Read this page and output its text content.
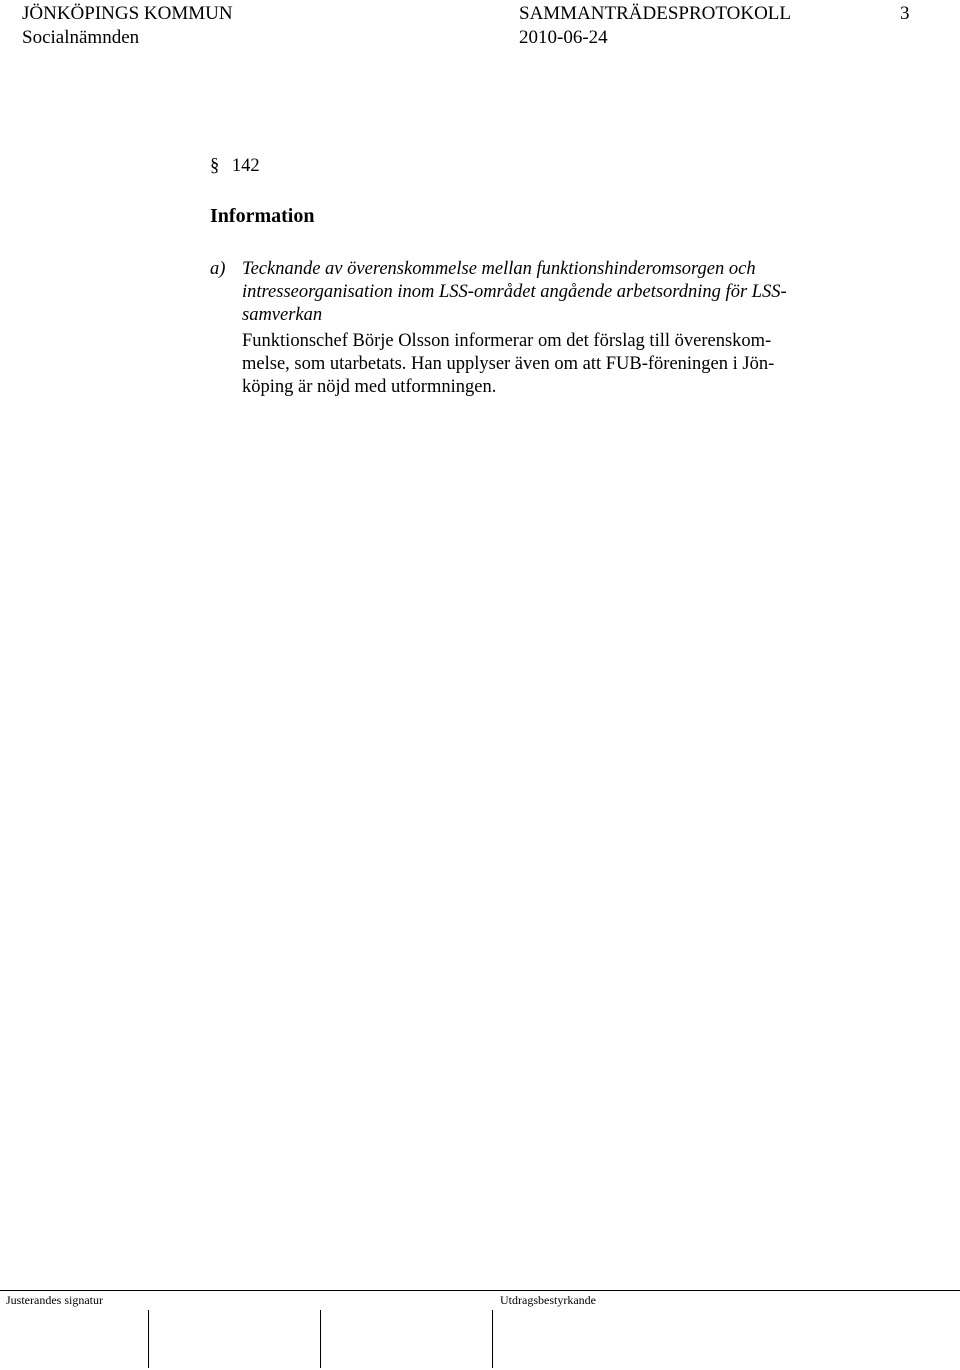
JÖNKÖPINGS KOMMUN	SAMMANTRÄDESPROTOKOLL	3
Socialnämnden	2010-06-24
§ 142
Information
a) Tecknande av överenskommelse mellan funktionshinderomsorgen och
intresseorganisation inom LSS-området angående arbetsordning för LSS-
samverkan
Funktionschef Börje Olsson informerar om det förslag till överenskom-
melse, som utarbetats. Han upplyser även om att FUB-föreningen i Jön-
köping är nöjd med utformningen.
Justerandes signatur	Utdragsbestyrkande
